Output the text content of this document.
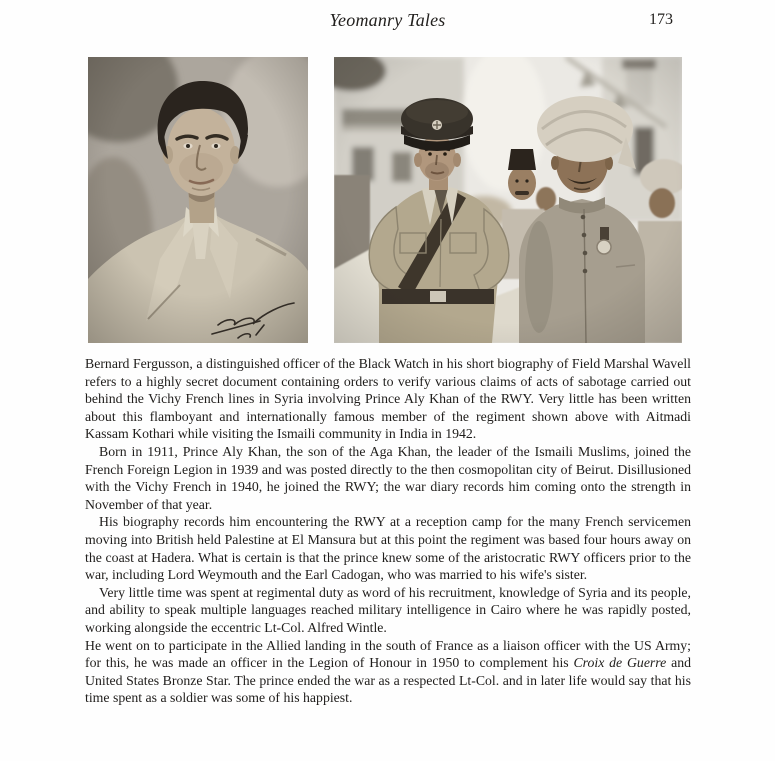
Yeomanry Tales	173

Bernard Fergusson, a distinguished officer of the Black Watch in his short biography of Field Marshal Wavell refers to a highly secret document containing orders to verify various claims of acts of sabotage carried out behind the Vichy French lines in Syria involving Prince Aly Khan of the RWY. Very little has been written about this flamboyant and internationally famous member of the regiment shown above with Aitmadi Kassam Kothari while visiting the Ismaili community in India in 1942.

Born in 1911, Prince Aly Khan, the son of the Aga Khan, the leader of the Ismaili Muslims, joined the French Foreign Legion in 1939 and was posted directly to the then cosmopolitan city of Beirut. Disillusioned with the Vichy French in 1940, he joined the RWY; the war diary records him coming onto the strength in November of that year.

His biography records him encountering the RWY at a reception camp for the many French servicemen moving into British held Palestine at El Mansura but at this point the regiment was based four hours away on the coast at Hadera. What is certain is that the prince knew some of the aristocratic RWY officers prior to the war, including Lord Weymouth and the Earl Cadogan, who was married to his wife's sister.

Very little time was spent at regimental duty as word of his recruitment, knowledge of Syria and its people, and ability to speak multiple languages reached military intelligence in Cairo where he was rapidly posted, working alongside the eccentric Lt-Col. Alfred Wintle.

He went on to participate in the Allied landing in the south of France as a liaison officer with the US Army; for this, he was made an officer in the Legion of Honour in 1950 to complement his Croix de Guerre and United States Bronze Star. The prince ended the war as a respected Lt-Col. and in later life would say that his time spent as a soldier was some of his happiest.
